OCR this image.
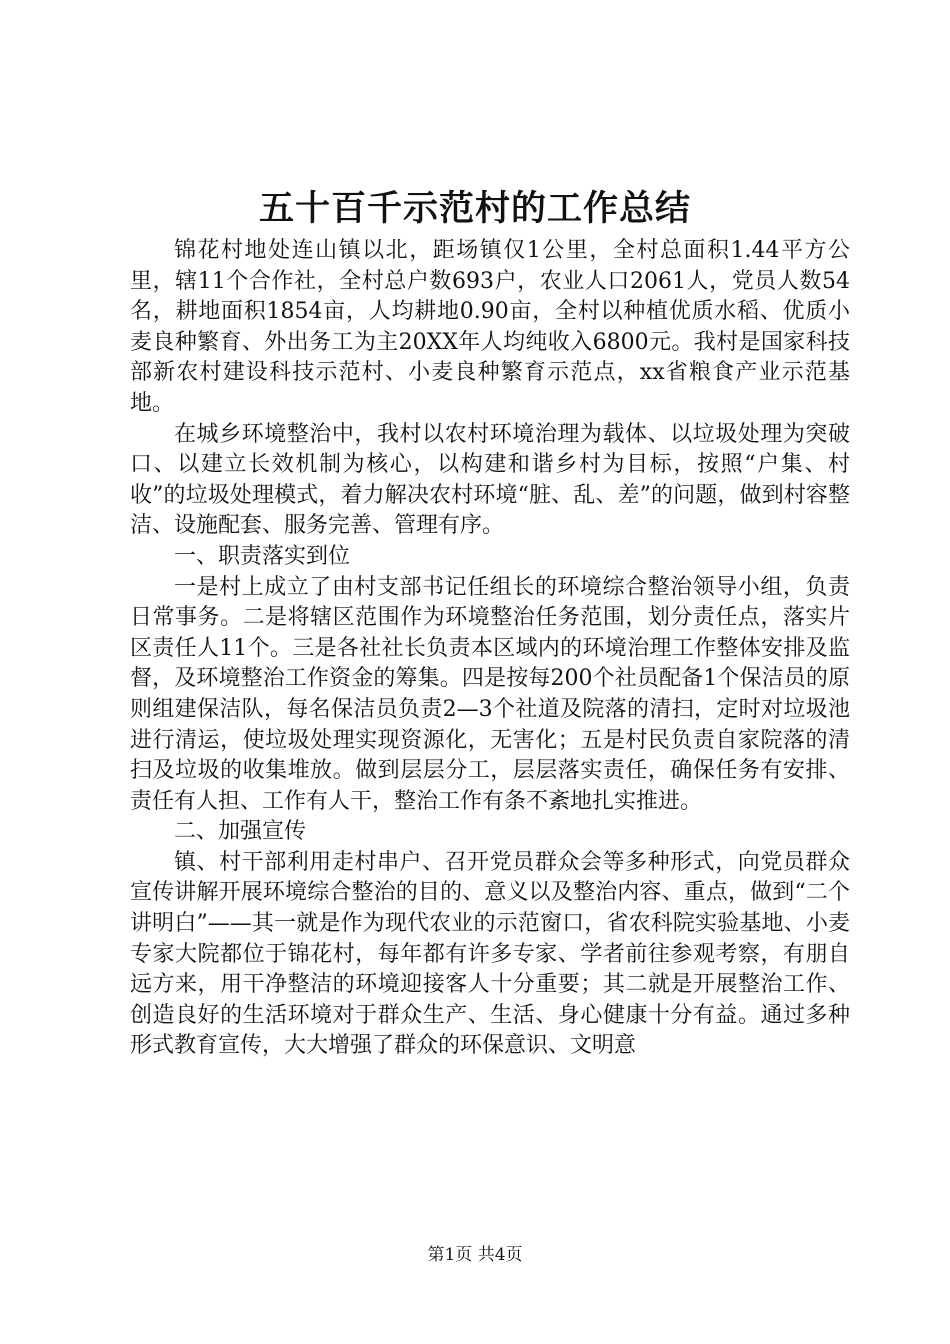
五十百千示范村的工作总结

锦花村地处连山镇以北，距场镇仅1公里，全村总面积1.44平方公里，辖11个合作社，全村总户数693户，农业人口2061人，党员人数54名，耕地面积1854亩，人均耕地0.90亩，全村以种植优质水稻、优质小麦良种繁育、外出务工为主20XX年人均纯收入6800元。我村是国家科技部新农村建设科技示范村、小麦良种繁育示范点，xx省粮食产业示范基地。

在城乡环境整治中，我村以农村环境治理为载体、以垃圾处理为突破口、以建立长效机制为核心，以构建和谐乡村为目标，按照“户集、村收”的垃圾处理模式，着力解决农村环境“脏、乱、差”的问题，做到村容整洁、设施配套、服务完善、管理有序。

一、职责落实到位

一是村上成立了由村支部书记任组长的环境综合整治领导小组，负责日常事务。二是将辖区范围作为环境整治任务范围，划分责任点，落实片区责任人11个。三是各社社长负责本区域内的环境治理工作整体安排及监督，及环境整治工作资金的筹集。四是按每200个社员配备1个保洁员的原则组建保洁队，每名保洁员负责2—3个社道及院落的清扫，定时对垃圾池进行清运，使垃圾处理实现资源化，无害化；五是村民负责自家院落的清扫及垃圾的收集堆放。做到层层分工，层层落实责任，确保任务有安排、责任有人担、工作有人干，整治工作有条不紊地扎实推进。

二、加强宣传

镇、村干部利用走村串户、召开党员群众会等多种形式，向党员群众宣传讲解开展环境综合整治的目的、意义以及整治内容、重点，做到“二个讲明白”——其一就是作为现代农业的示范窗口，省农科院实验基地、小麦专家大院都位于锦花村，每年都有许多专家、学者前往参观考察，有朋自远方来，用干净整洁的环境迎接客人十分重要；其二就是开展整治工作、创造良好的生活环境对于群众生产、生活、身心健康十分有益。通过多种形式教育宣传，大大增强了群众的环保意识、文明意

第1页 共4页
